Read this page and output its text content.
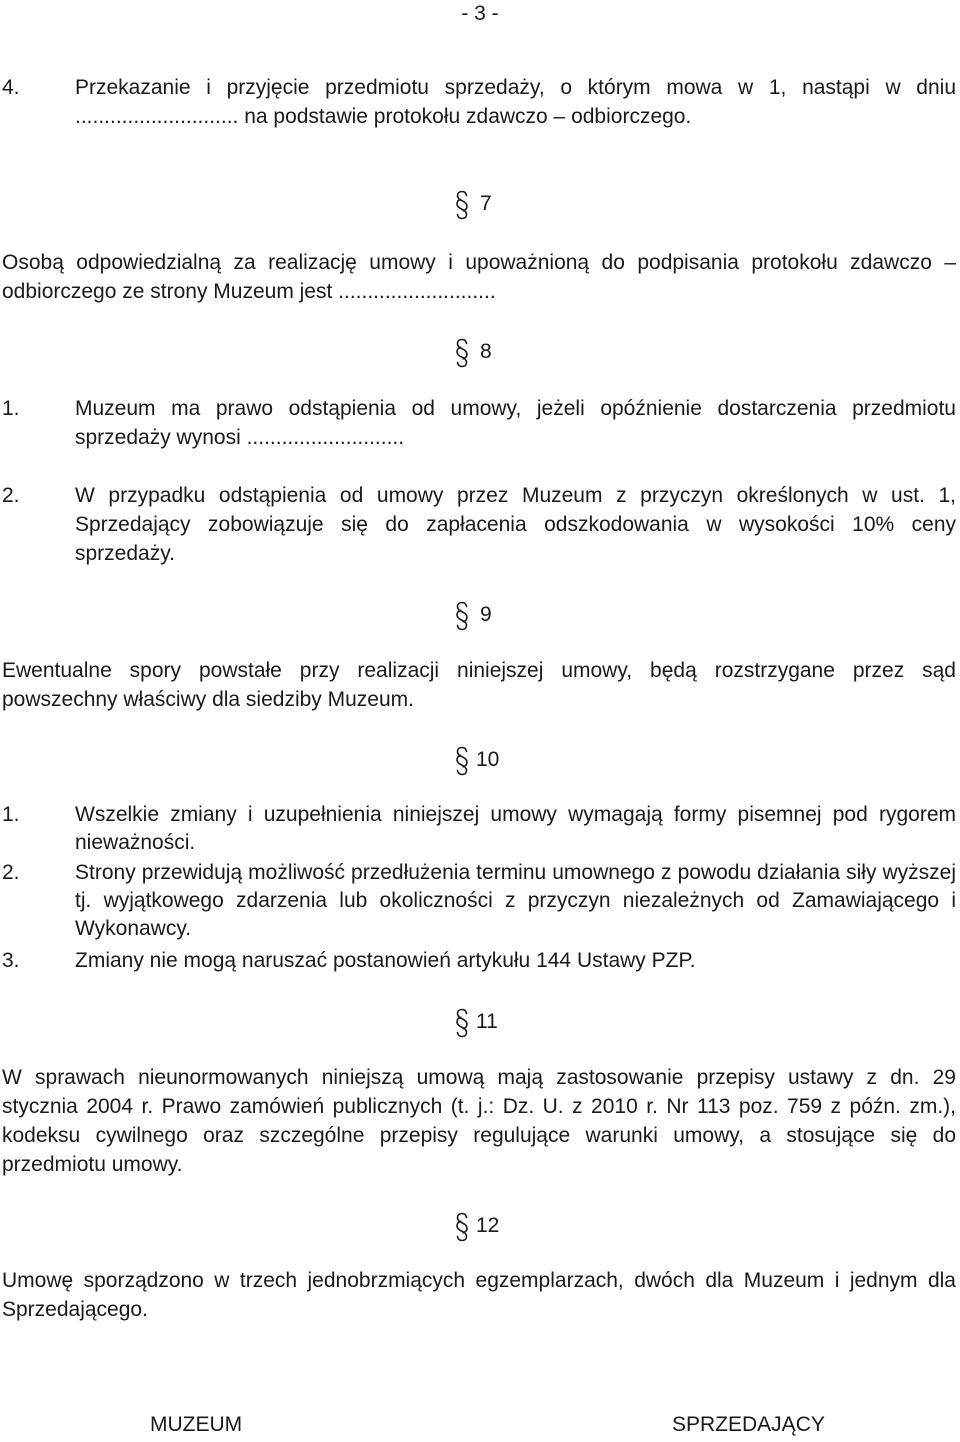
- 3 -
4.	Przekazanie i przyjęcie przedmiotu sprzedaży, o którym mowa w 1, nastąpi w dniu ............................ na podstawie protokołu zdawczo – odbiorczego.
7
Osobą odpowiedzialną za realizację umowy i upoważnioną do podpisania protokołu zdawczo – odbiorczego ze strony Muzeum jest ...........................
8
1.	Muzeum ma prawo odstąpienia od umowy, jeżeli opóźnienie dostarczenia przedmiotu sprzedaży wynosi ...........................
2.	W przypadku odstąpienia od umowy przez Muzeum z przyczyn określonych w ust. 1, Sprzedający zobowiązuje się do zapłacenia odszkodowania w wysokości 10% ceny sprzedaży.
9
Ewentualne spory powstałe przy realizacji niniejszej umowy, będą rozstrzygane przez sąd powszechny właściwy dla siedziby Muzeum.
10
1.	Wszelkie zmiany i uzupełnienia niniejszej umowy wymagają formy pisemnej pod rygorem nieważności.
2.	Strony przewidują możliwość przedłużenia terminu umownego z powodu działania siły wyższej tj. wyjątkowego zdarzenia lub okoliczności z przyczyn niezależnych od Zamawiającego i Wykonawcy.
3.	Zmiany nie mogą naruszać postanowień artykułu 144 Ustawy PZP.
11
W sprawach nieunormowanych niniejszą umową mają zastosowanie przepisy ustawy z dn. 29 stycznia 2004 r. Prawo zamówień publicznych (t. j.: Dz. U. z 2010 r. Nr 113 poz. 759 z późn. zm.), kodeksu cywilnego oraz szczególne przepisy regulujące warunki umowy, a stosujące się do przedmiotu umowy.
12
Umowę sporządzono w trzech jednobrzmiących egzemplarzach, dwóch dla Muzeum i jednym dla Sprzedającego.
MUZEUM	SPRZEDAJĄCY
